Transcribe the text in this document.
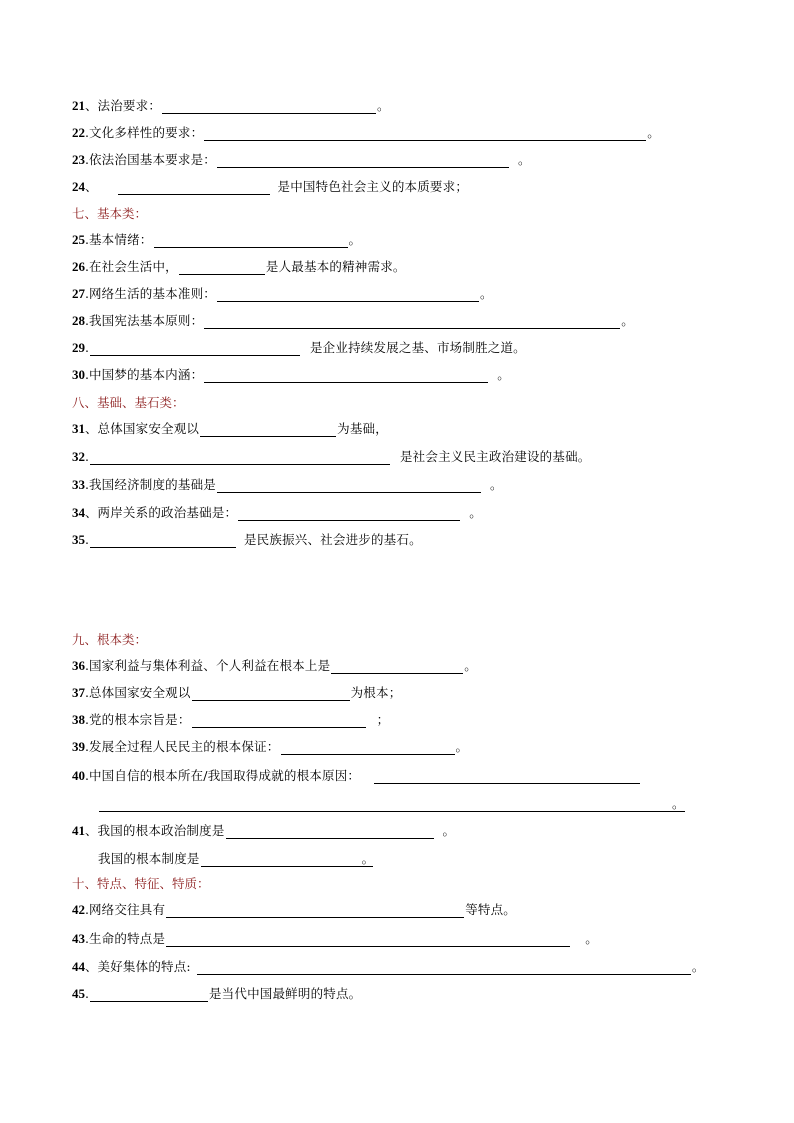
21 、 法治要求：	。
22 . 文化多样性的要求：	。
23 . 依法治国基本要求是：	。
24 、	是中国特色社会主义的本质要求；
七、基本类：
25 . 基本情绪：	。
26 . 在社会生活中，	是人最基本的精神需求。
27 . 网络生活的基本准则：	。
28 . 我国宪法基本原则：	。
29 .	是企业持续发展之基、市场制胜之道。
30 . 中国梦的基本内涵：	。
八、基础、基石类：
31 、 总体国家安全观以	为基础，
32 .	是社会主义民主政治建设的基础。
33 . 我国经济制度的基础是	。
34 、 两岸关系的政治基础是：	。
35 .	是民族振兴、社会进步的基石。
九、根本类：
36 . 国家利益与集体利益、个人利益在根本上是	。
37 . 总体国家安全观以	为根本；
38 . 党的根本宗旨是：	；
39 . 发展全过程人民民主的根本保证：	。
40 . 中国自信的根本所在/我国取得成就的根本原因：
。
41 、 我国的根本政治制度是	。
我国的根本制度是	。
十、特点、特征、特质：
42 . 网络交往具有	等特点。
43 . 生命的特点是	。
44 、 美好集体的特点:	。
45 .	是当代中国最鲜明的特点。
